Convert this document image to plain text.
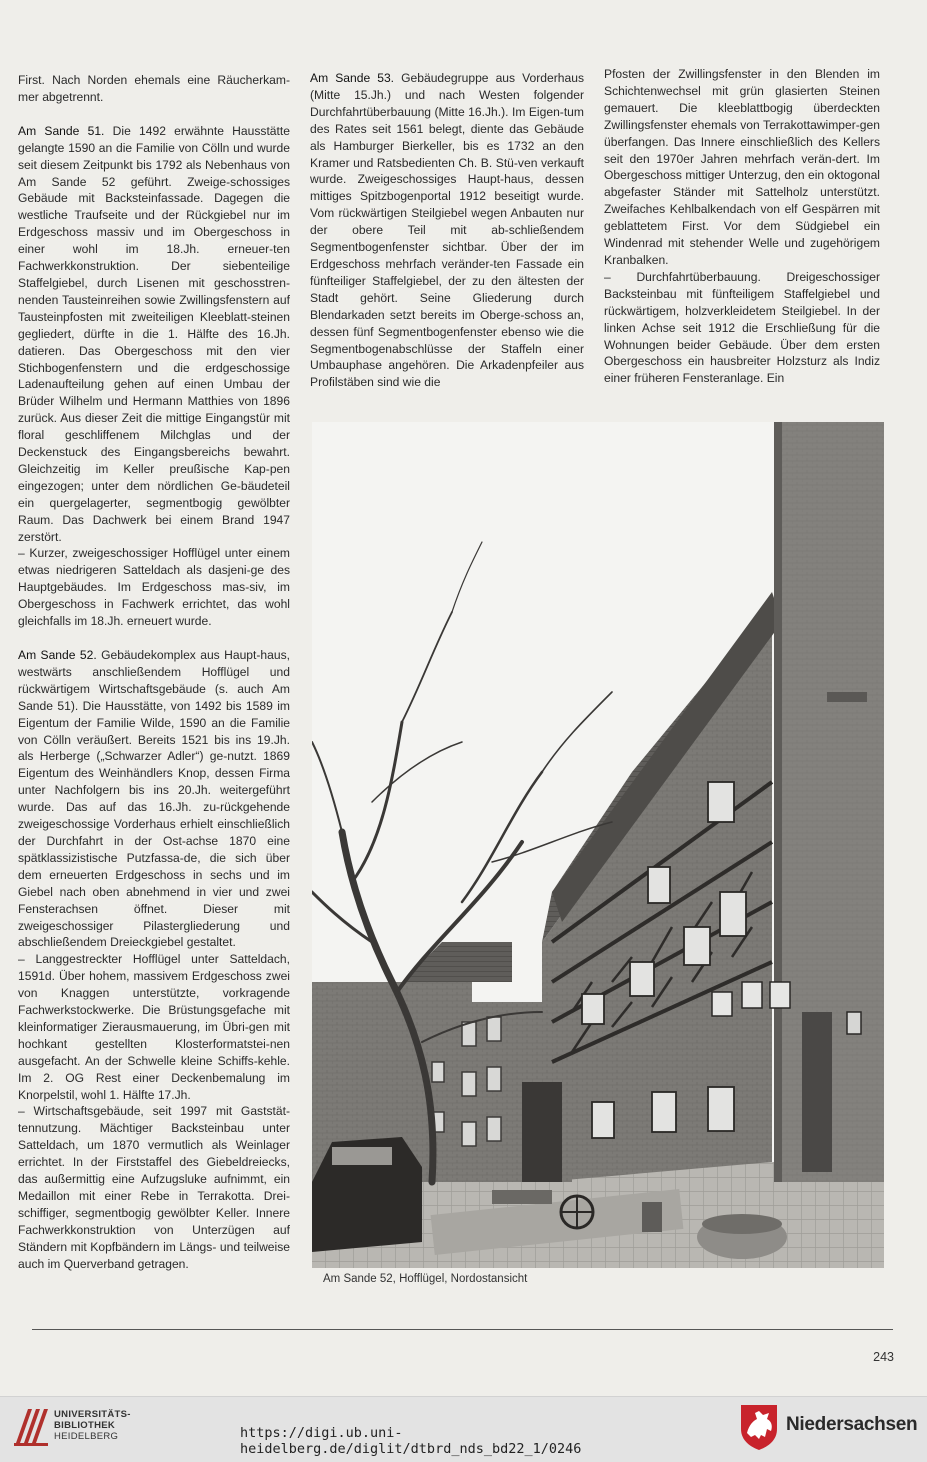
First. Nach Norden ehemals eine Räucherkam-mer abgetrennt.

Am Sande 51. Die 1492 erwähnte Hausstätte gelangte 1590 an die Familie von Cölln und wurde seit diesem Zeitpunkt bis 1792 als Nebenhaus von Am Sande 52 geführt. Zweige-schossiges Gebäude mit Backsteinfassade. Dagegen die westliche Traufseite und der Rückgiebel nur im Erdgeschoss massiv und im Obergeschoss in einer wohl im 18.Jh. erneuer-ten Fachwerkkonstruktion. Der siebenteilige Staffelgiebel, durch Lisenen mit geschosstren-nenden Tausteinreihen sowie Zwillingsfenstern auf Tausteinpfosten mit zweiteiligen Kleeblatt-steinen gegliedert, dürfte in die 1. Hälfte des 16.Jh. datieren. Das Obergeschoss mit den vier Stichbogenfenstern und die erdgeschossige Ladenaufteilung gehen auf einen Umbau der Brüder Wilhelm und Hermann Matthies von 1896 zurück. Aus dieser Zeit die mittige Eingangstür mit floral geschliffenem Milchglas und der Deckenstuck des Eingangsbereichs bewahrt. Gleichzeitig im Keller preußische Kap-pen eingezogen; unter dem nördlichen Ge-bäudeteil ein quergelagerter, segmentbogig gewölbter Raum. Das Dachwerk bei einem Brand 1947 zerstört.

– Kurzer, zweigeschossiger Hofflügel unter einem etwas niedrigeren Satteldach als dasjeni-ge des Hauptgebäudes. Im Erdgeschoss mas-siv, im Obergeschoss in Fachwerk errichtet, das wohl gleichfalls im 18.Jh. erneuert wurde.

Am Sande 52. Gebäudekomplex aus Haupt-haus, westwärts anschließendem Hofflügel und rückwärtigem Wirtschaftsgebäude (s. auch Am Sande 51). Die Hausstätte, von 1492 bis 1589 im Eigentum der Familie Wilde, 1590 an die Familie von Cölln veräußert. Bereits 1521 bis ins 19.Jh. als Herberge („Schwarzer Adler“) ge-nutzt. 1869 Eigentum des Weinhändlers Knop, dessen Firma unter Nachfolgern bis ins 20.Jh. weitergeführt wurde. Das auf das 16.Jh. zu-rückgehende zweigeschossige Vorderhaus erhielt einschließlich der Durchfahrt in der Ost-achse 1870 eine spätklassizistische Putzfassa-de, die sich über dem erneuerten Erdgeschoss in sechs und im Giebel nach oben abnehmend in vier und zwei Fensterachsen öffnet. Dieser mit zweigeschossiger Pilastergliederung und abschließendem Dreieckgiebel gestaltet.

– Langgestreckter Hofflügel unter Satteldach, 1591d. Über hohem, massivem Erdgeschoss zwei von Knaggen unterstützte, vorkragende Fachwerkstockwerke. Die Brüstungsgefache mit kleinformatiger Zierausmauerung, im Übri-gen mit hochkant gestellten Klosterformatstei-nen ausgefacht. An der Schwelle kleine Schiffs-kehle. Im 2. OG Rest einer Deckenbemalung im Knorpelstil, wohl 1. Hälfte 17.Jh.

– Wirtschaftsgebäude, seit 1997 mit Gaststät-tennutzung. Mächtiger Backsteinbau unter Satteldach, um 1870 vermutlich als Weinlager errichtet. In der Firststaffel des Giebeldreiecks, das außermittig eine Aufzugsluke aufnimmt, ein Medaillon mit einer Rebe in Terrakotta. Drei-schiffiger, segmentbogig gewölbter Keller. Innere Fachwerkkonstruktion von Unterzügen auf Ständern mit Kopfbändern im Längs- und teilweise auch im Querverband getragen.

Am Sande 53. Gebäudegruppe aus Vorderhaus (Mitte 15.Jh.) und nach Westen folgender Durchfahrtüberbauung (Mitte 16.Jh.). Im Eigen-tum des Rates seit 1561 belegt, diente das Gebäude als Hamburger Bierkeller, bis es 1732 an den Kramer und Ratsbedienten Ch. B. Stü-ven verkauft wurde. Zweigeschossiges Haupt-haus, dessen mittiges Spitzbogenportal 1912 beseitigt wurde. Vom rückwärtigen Steilgiebel wegen Anbauten nur der obere Teil mit ab-schließendem Segmentbogenfenster sichtbar. Über der im Erdgeschoss mehrfach veränder-ten Fassade ein fünfteiliger Staffelgiebel, der zu den ältesten der Stadt gehört. Seine Gliederung durch Blendarkaden setzt bereits im Oberge-schoss an, dessen fünf Segmentbogenfenster ebenso wie die Segmentbogenabschlüsse der Staffeln einer Umbauphase angehören. Die Arkadenpfeiler aus Profilstäben sind wie die

Pfosten der Zwillingsfenster in den Blenden im Schichtenwechsel mit grün glasierten Steinen gemauert. Die kleeblattbogig überdeckten Zwillingsfenster ehemals von Terrakottawimper-gen überfangen. Das Innere einschließlich des Kellers seit den 1970er Jahren mehrfach verän-dert. Im Obergeschoss mittiger Unterzug, den ein oktogonal abgefaster Ständer mit Sattelholz unterstützt. Zweifaches Kehlbalkendach von elf Gespärren mit geblattetem First. Vor dem Südgiebel ein Windenrad mit stehender Welle und zugehörigem Kranbalken.

– Durchfahrtüberbauung. Dreigeschossiger Backsteinbau mit fünfteiligem Staffelgiebel und rückwärtigem, holzverkleidetem Steilgiebel. In der linken Achse seit 1912 die Erschließung für die Wohnungen beider Gebäude. Über dem ersten Obergeschoss ein hausbreiter Holzsturz als Indiz einer früheren Fensteranlage. Ein

Am Sande 52, Hofflügel, Nordostansicht
243
UNIVERSITÄTS-
BIBLIOTHEK
HEIDELBERG	https://digi.ub.uni-heidelberg.de/diglit/dtbrd_nds_bd22_1/0246
Niedersachsen
